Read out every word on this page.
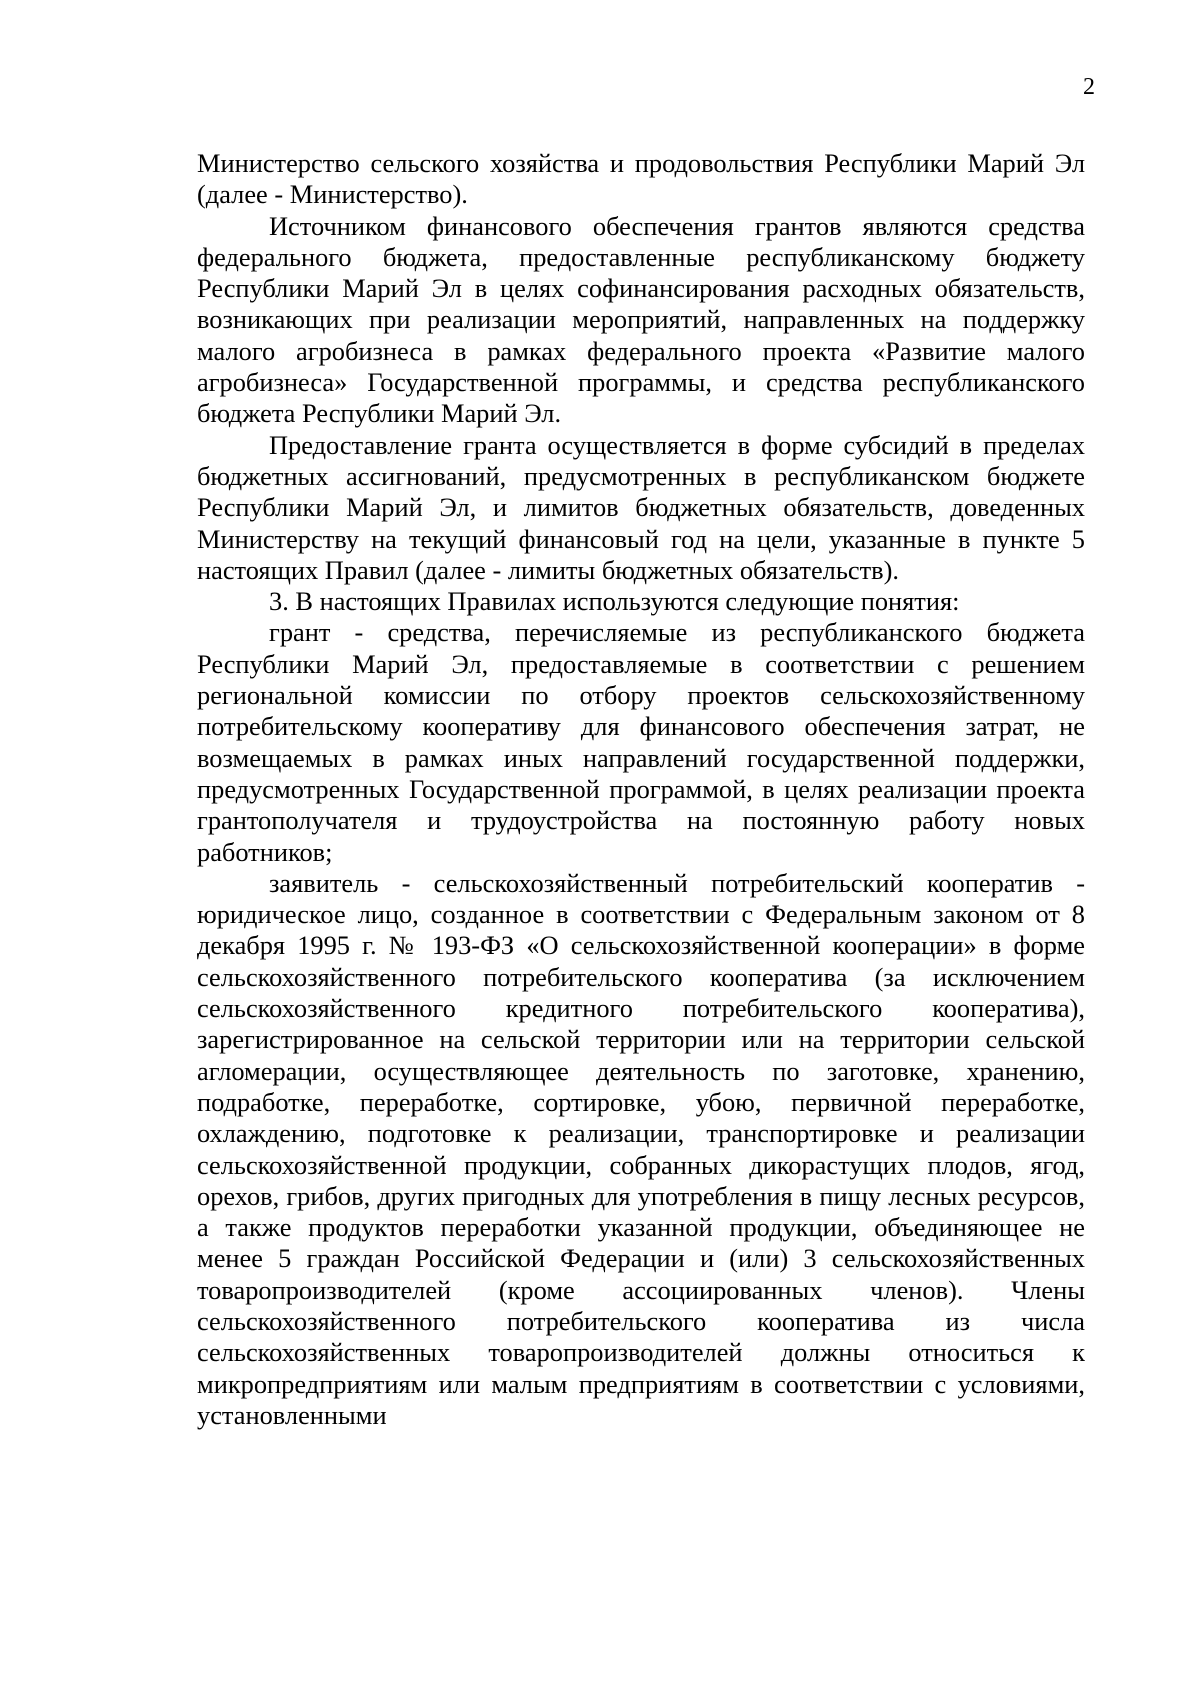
2

Министерство сельского хозяйства и продовольствия Республики Марий Эл (далее - Министерство).

Источником финансового обеспечения грантов являются средства федерального бюджета, предоставленные республиканскому бюджету Республики Марий Эл в целях софинансирования расходных обязательств, возникающих при реализации мероприятий, направленных на поддержку малого агробизнеса в рамках федерального проекта «Развитие малого агробизнеса» Государственной программы, и средства республиканского бюджета Республики Марий Эл.

Предоставление гранта осуществляется в форме субсидий в пределах бюджетных ассигнований, предусмотренных в республиканском бюджете Республики Марий Эл, и лимитов бюджетных обязательств, доведенных Министерству на текущий финансовый год на цели, указанные в пункте 5 настоящих Правил (далее - лимиты бюджетных обязательств).

3. В настоящих Правилах используются следующие понятия:

грант - средства, перечисляемые из республиканского бюджета Республики Марий Эл, предоставляемые в соответствии с решением региональной комиссии по отбору проектов сельскохозяйственному потребительскому кооперативу для финансового обеспечения затрат, не возмещаемых в рамках иных направлений государственной поддержки, предусмотренных Государственной программой, в целях реализации проекта грантополучателя и трудоустройства на постоянную работу новых работников;

заявитель - сельскохозяйственный потребительский кооператив - юридическое лицо, созданное в соответствии с Федеральным законом от 8 декабря 1995 г. № 193-ФЗ «О сельскохозяйственной кооперации» в форме сельскохозяйственного потребительского кооператива (за исключением сельскохозяйственного кредитного потребительского кооператива), зарегистрированное на сельской территории или на территории сельской агломерации, осуществляющее деятельность по заготовке, хранению, подработке, переработке, сортировке, убою, первичной переработке, охлаждению, подготовке к реализации, транспортировке и реализации сельскохозяйственной продукции, собранных дикорастущих плодов, ягод, орехов, грибов, других пригодных для употребления в пищу лесных ресурсов, а также продуктов переработки указанной продукции, объединяющее не менее 5 граждан Российской Федерации и (или) 3 сельскохозяйственных товаропроизводителей (кроме ассоциированных членов). Члены сельскохозяйственного потребительского кооператива из числа сельскохозяйственных товаропроизводителей должны относиться к микропредприятиям или малым предприятиям в соответствии с условиями, установленными
